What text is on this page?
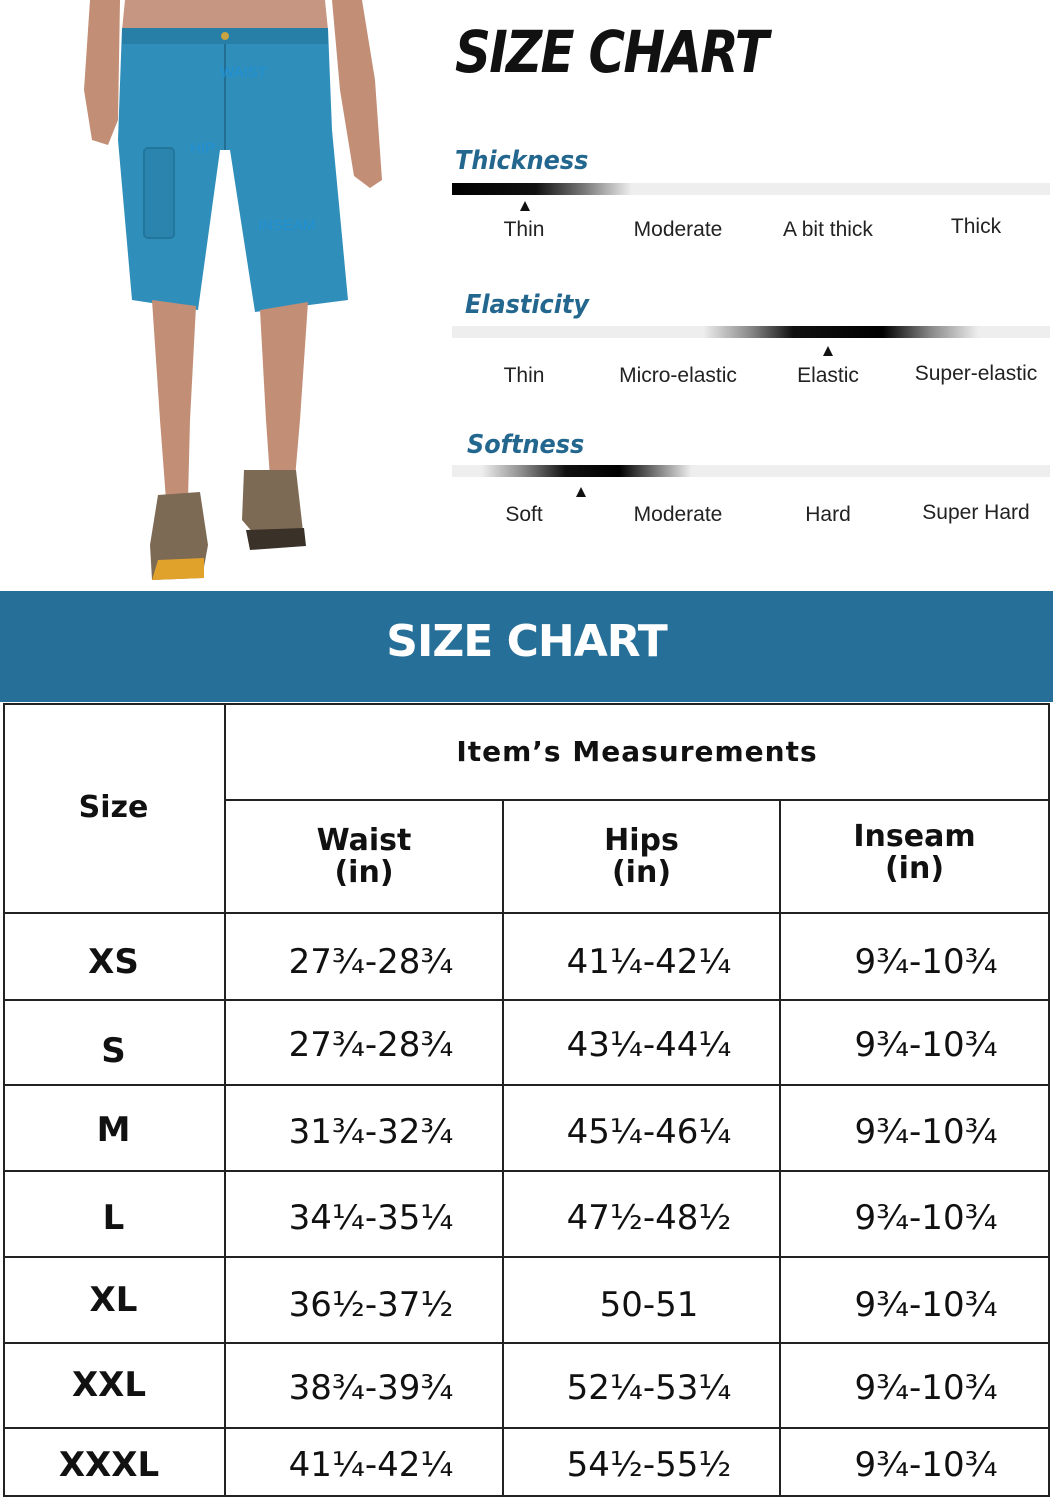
WAIST
HIP
INSEAM
SIZE CHART
Thickness
Thin	Moderate	A bit thick	Thick
Elasticity
Thin	Micro-elastic	Elastic	Super-elastic
Softness
Soft	Moderate	Hard	Super Hard
SIZE CHART
Size
Item’s Measurements
Waist
(in)
Hips
(in)
Inseam
(in)
XS	27¾-28¾	41¼-42¼	9¾-10¾
S	27¾-28¾	43¼-44¼	9¾-10¾
M	31¾-32¾	45¼-46¼	9¾-10¾
L	34¼-35¼	47½-48½	9¾-10¾
XL	36½-37½	50-51	9¾-10¾
XXL	38¾-39¾	52¼-53¼	9¾-10¾
XXXL	41¼-42¼	54½-55½	9¾-10¾
